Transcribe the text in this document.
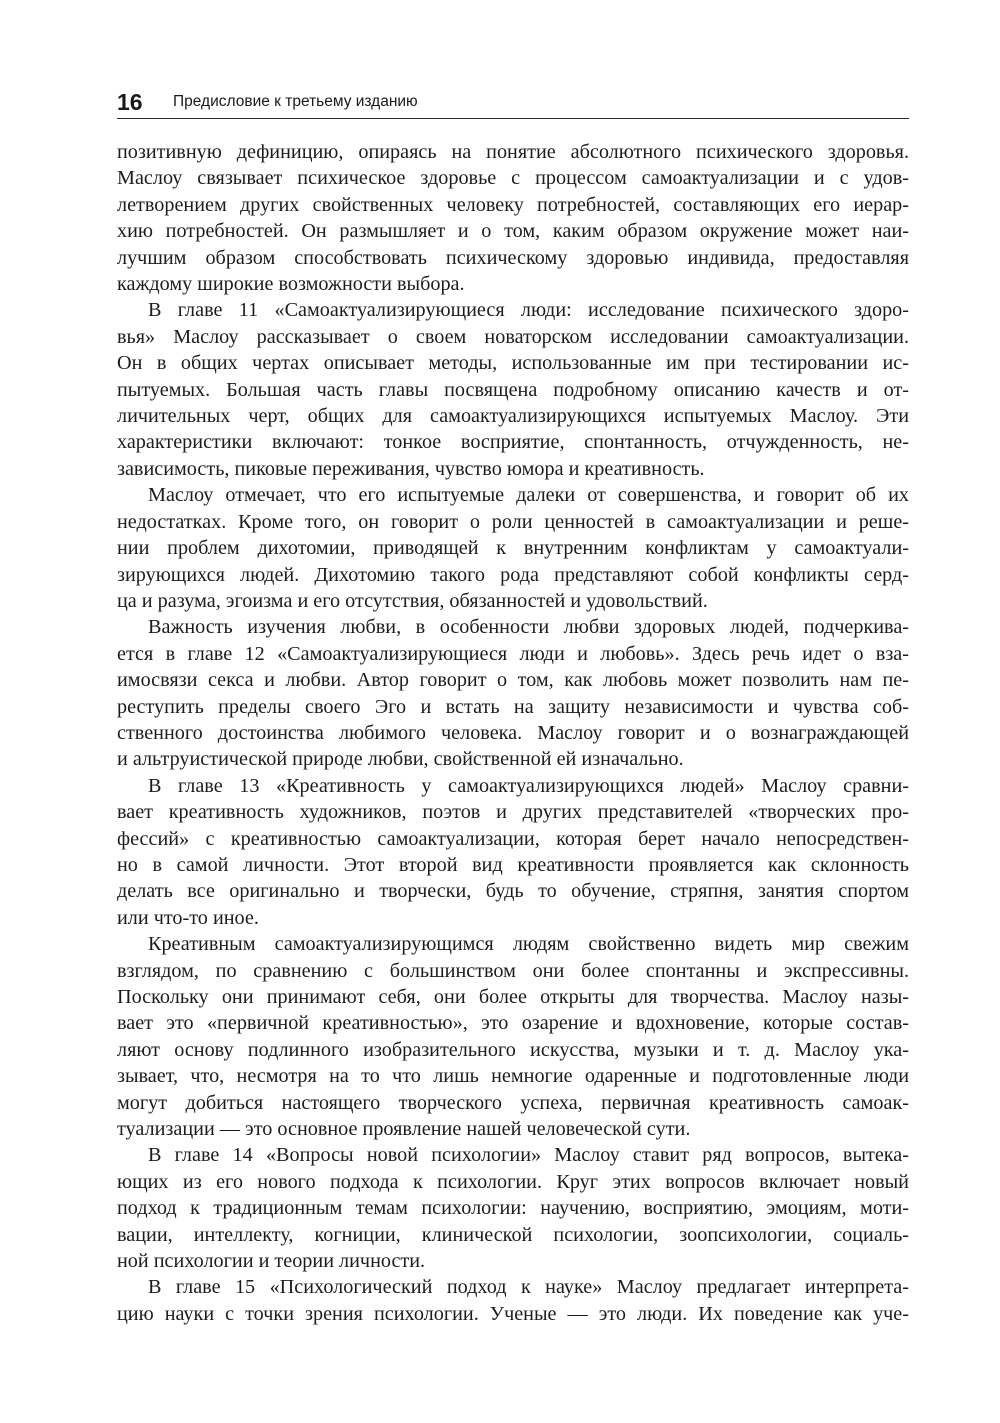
16 Предисловие к третьему изданию

позитивную дефиницию, опираясь на понятие абсолютного психического здоровья.
Маслоу связывает психическое здоровье с процессом самоактуализации и с удов-
летворением других свойственных человеку потребностей, составляющих его иерар-
хию потребностей. Он размышляет и о том, каким образом окружение может наи-
лучшим образом способствовать психическому здоровью индивида, предоставляя
каждому широкие возможности выбора.

В главе 11 «Самоактуализирующиеся люди: исследование психического здоро-
вья» Маслоу рассказывает о своем новаторском исследовании самоактуализации.
Он в общих чертах описывает методы, использованные им при тестировании ис-
пытуемых. Большая часть главы посвящена подробному описанию качеств и от-
личительных черт, общих для самоактуализирующихся испытуемых Маслоу. Эти
характеристики включают: тонкое восприятие, спонтанность, отчужденность, не-
зависимость, пиковые переживания, чувство юмора и креативность.

Маслоу отмечает, что его испытуемые далеки от совершенства, и говорит об их
недостатках. Кроме того, он говорит о роли ценностей в самоактуализации и реше-
нии проблем дихотомии, приводящей к внутренним конфликтам у самоактуали-
зирующихся людей. Дихотомию такого рода представляют собой конфликты серд-
ца и разума, эгоизма и его отсутствия, обязанностей и удовольствий.

Важность изучения любви, в особенности любви здоровых людей, подчеркива-
ется в главе 12 «Самоактуализирующиеся люди и любовь». Здесь речь идет о вза-
имосвязи секса и любви. Автор говорит о том, как любовь может позволить нам пе-
реступить пределы своего Эго и встать на защиту независимости и чувства соб-
ственного достоинства любимого человека. Маслоу говорит и о вознаграждающей
и альтруистической природе любви, свойственной ей изначально.

В главе 13 «Креативность у самоактуализирующихся людей» Маслоу сравни-
вает креативность художников, поэтов и других представителей «творческих про-
фессий» с креативностью самоактуализации, которая берет начало непосредствен-
но в самой личности. Этот второй вид креативности проявляется как склонность
делать все оригинально и творчески, будь то обучение, стряпня, занятия спортом
или что-то иное.

Креативным самоактуализирующимся людям свойственно видеть мир свежим
взглядом, по сравнению с большинством они более спонтанны и экспрессивны.
Поскольку они принимают себя, они более открыты для творчества. Маслоу назы-
вает это «первичной креативностью», это озарение и вдохновение, которые состав-
ляют основу подлинного изобразительного искусства, музыки и т. д. Маслоу ука-
зывает, что, несмотря на то что лишь немногие одаренные и подготовленные люди
могут добиться настоящего творческого успеха, первичная креативность самоак-
туализации — это основное проявление нашей человеческой сути.

В главе 14 «Вопросы новой психологии» Маслоу ставит ряд вопросов, вытека-
ющих из его нового подхода к психологии. Круг этих вопросов включает новый
подход к традиционным темам психологии: научению, восприятию, эмоциям, моти-
вации, интеллекту, когниции, клинической психологии, зоопсихологии, социаль-
ной психологии и теории личности.

В главе 15 «Психологический подход к науке» Маслоу предлагает интерпрета-
цию науки с точки зрения психологии. Ученые — это люди. Их поведение как уче-
